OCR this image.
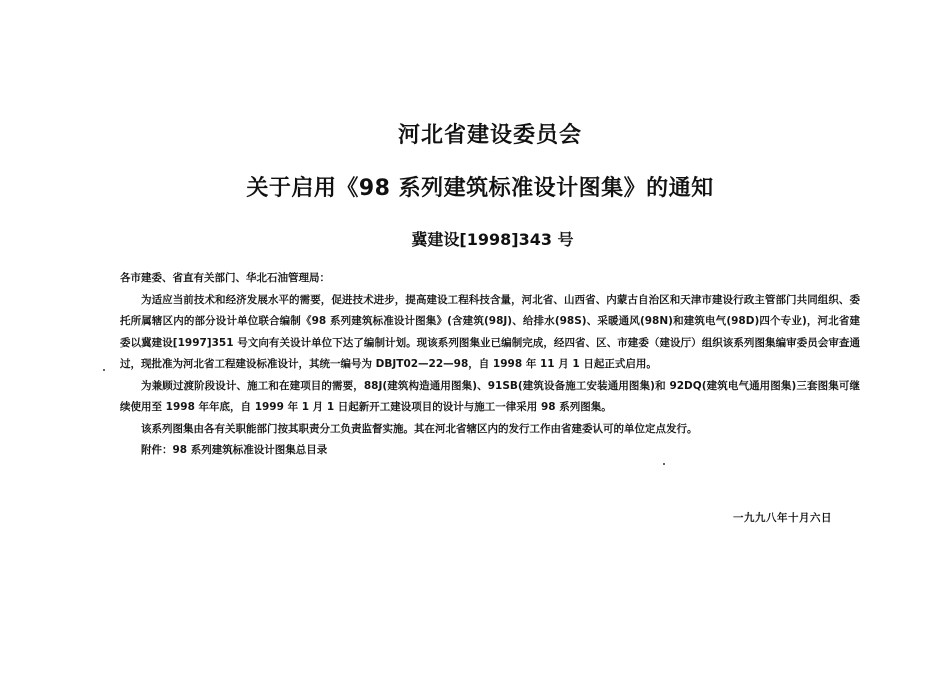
河北省建设委员会
关于启用《98 系列建筑标准设计图集》的通知
冀建设[1998]343 号

各市建委、省直有关部门、华北石油管理局：

为适应当前技术和经济发展水平的需要，促进技术进步，提高建设工程科技含量，河北省、山西省、内蒙古自治区和天津市建设行政主管部门共同组织、委托所属辖区内的部分设计单位联合编制《98 系列建筑标准设计图集》(含建筑(98J)、给排水(98S)、采暖通风(98N)和建筑电气(98D)四个专业)，河北省建委以冀建设[1997]351 号文向有关设计单位下达了编制计划。现该系列图集业已编制完成，经四省、区、市建委（建设厅）组织该系列图集编审委员会审查通过，现批准为河北省工程建设标准设计，其统一编号为 DBJT02—22—98，自 1998 年 11 月 1 日起正式启用。

为兼顾过渡阶段设计、施工和在建项目的需要，88J(建筑构造通用图集)、91SB(建筑设备施工安装通用图集)和 92DQ(建筑电气通用图集)三套图集可继续使用至 1998 年年底，自 1999 年 1 月 1 日起新开工建设项目的设计与施工一律采用 98 系列图集。

该系列图集由各有关职能部门按其职责分工负责监督实施。其在河北省辖区内的发行工作由省建委认可的单位定点发行。

附件：98 系列建筑标准设计图集总目录

一九九八年十月六日
